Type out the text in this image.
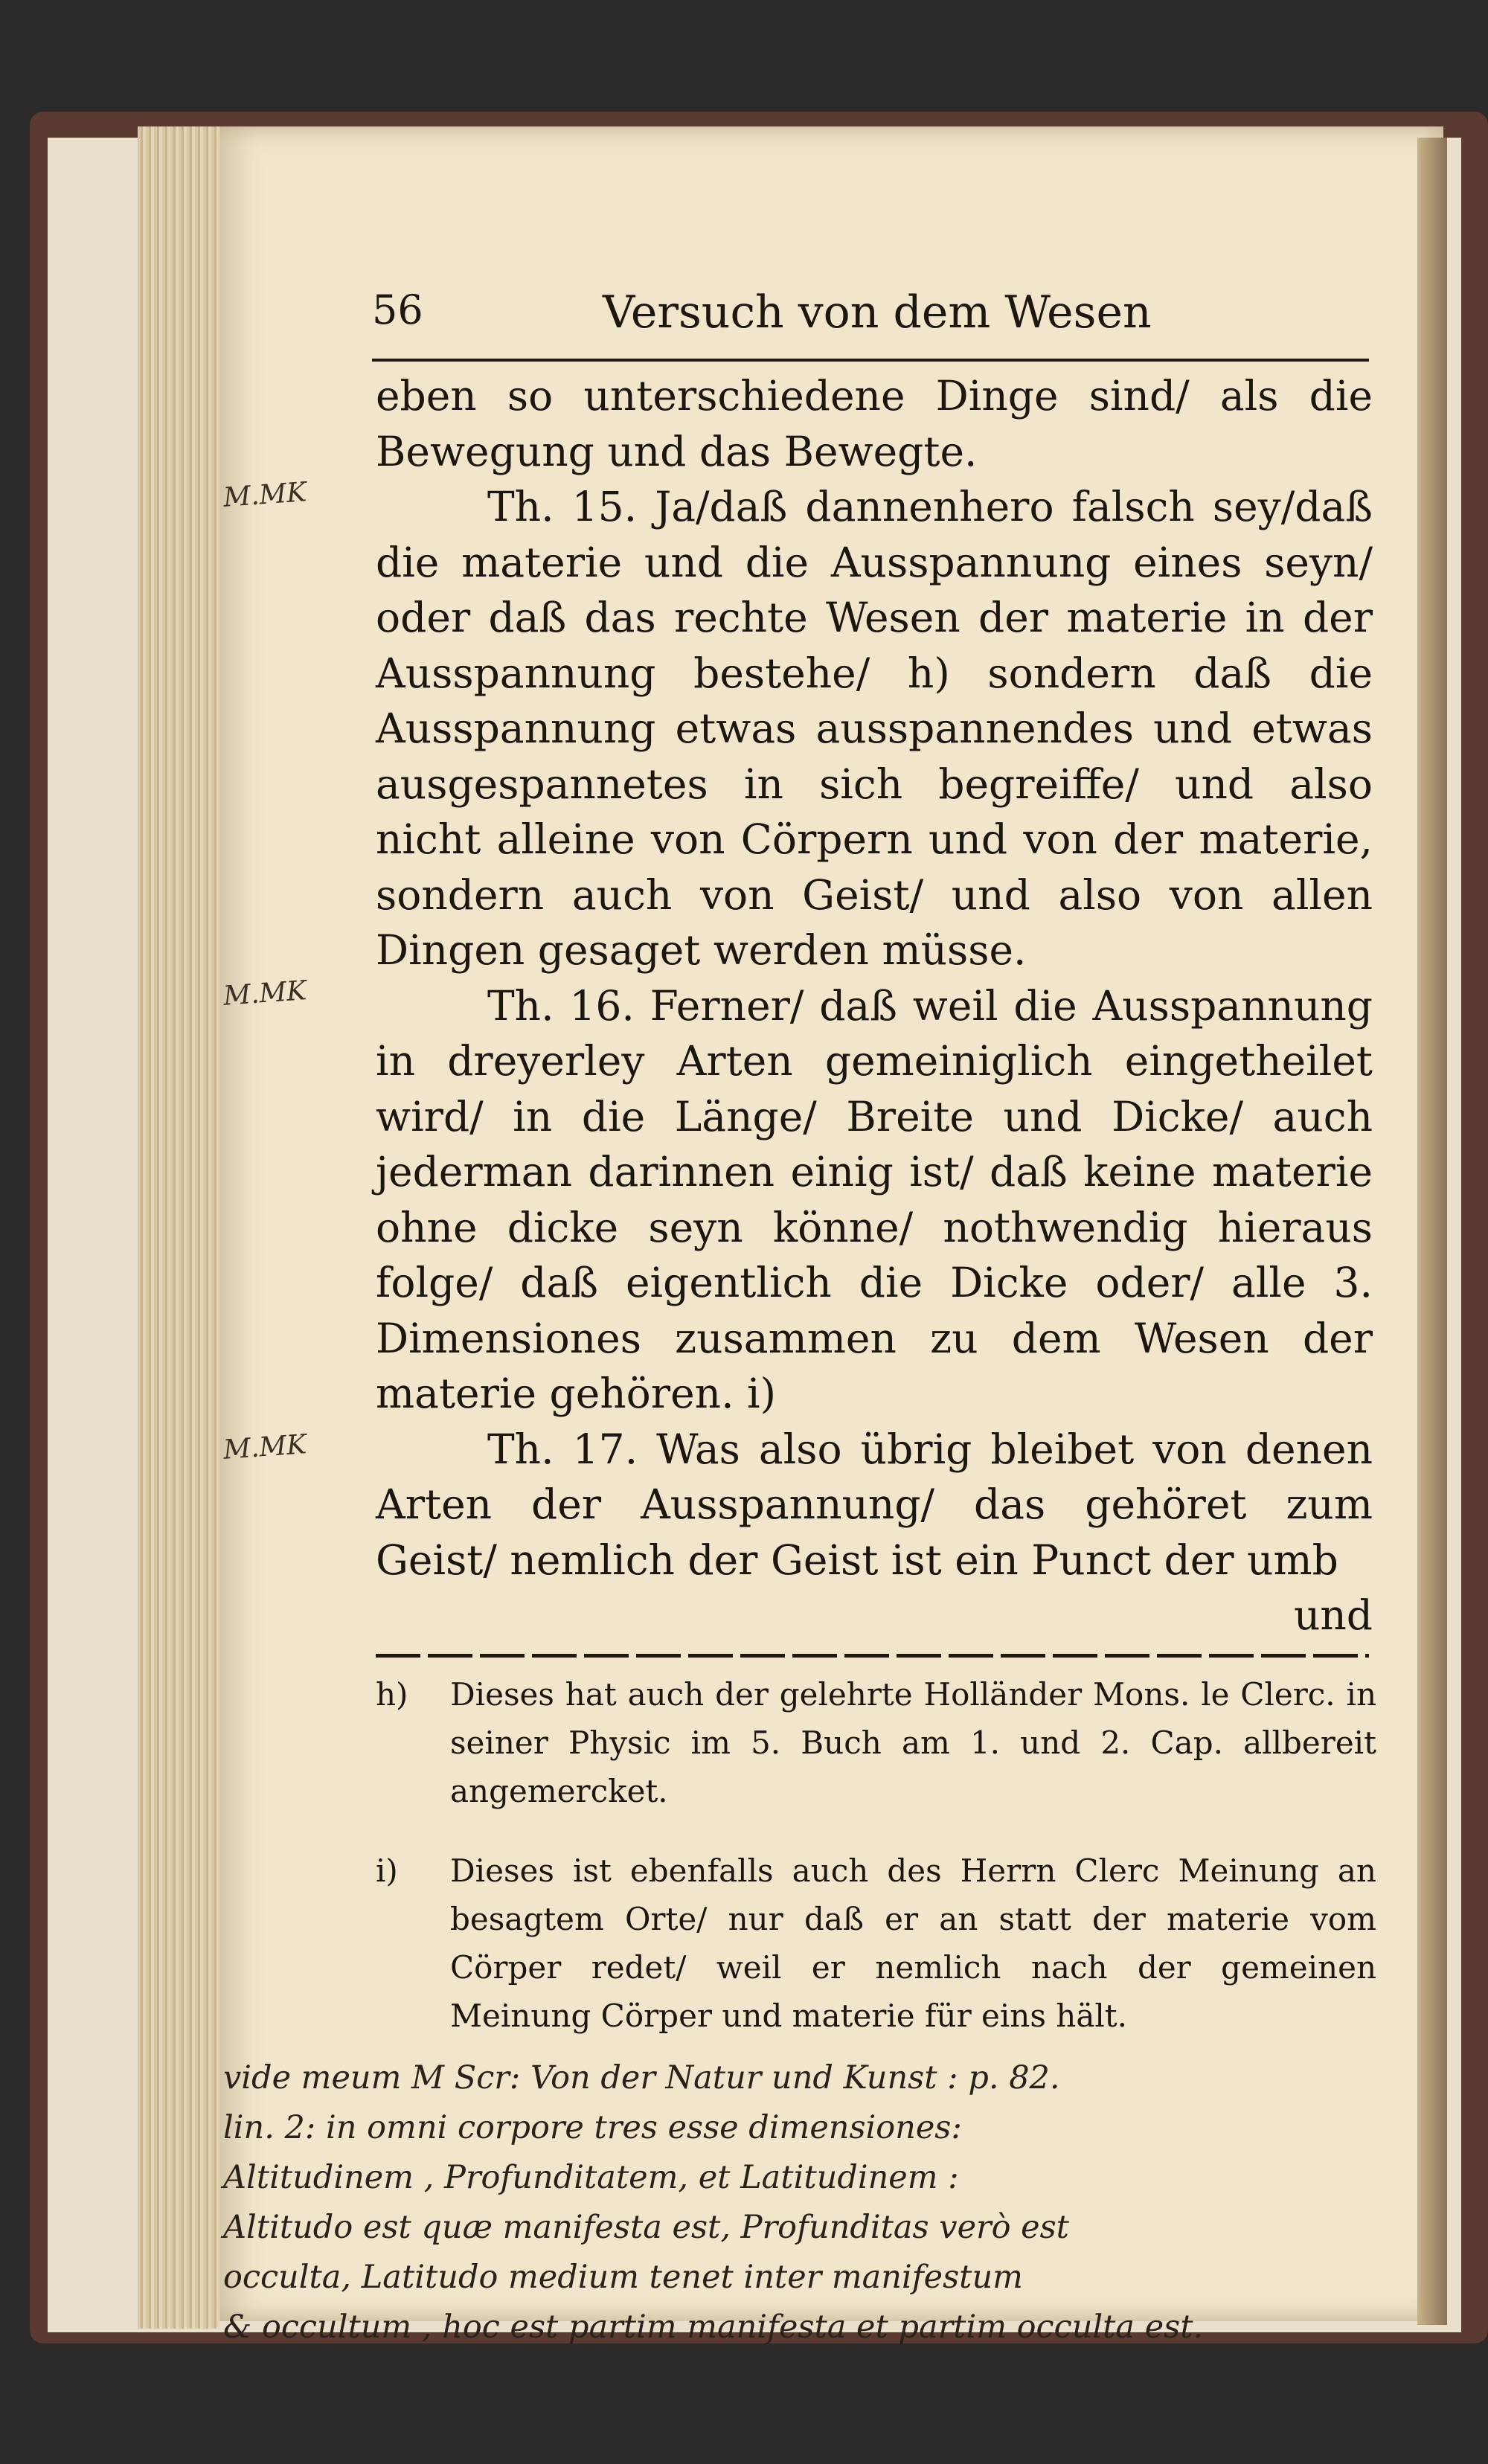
56	Versuch von dem Wesen

eben so unterschiedene Dinge sind/ als die Bewegung und das Bewegte.

Th. 15. Ja/daß dannenhero falsch sey/daß die materie und die Ausspannung eines seyn/ oder daß das rechte Wesen der materie in der Ausspannung bestehe/ h) sondern daß die Ausspannung etwas ausspannendes und etwas ausgespannetes in sich begreiffe/ und also nicht alleine von Cörpern und von der materie, sondern auch von Geist/ und also von allen Dingen gesaget werden müsse.

Th. 16. Ferner/ daß weil die Ausspannung in dreyerley Arten gemeiniglich eingetheilet wird/ in die Länge/ Breite und Dicke/ auch jederman darinnen einig ist/ daß keine materie ohne dicke seyn könne/ nothwendig hieraus folge/ daß eigentlich die Dicke oder/ alle 3. Dimensiones zusammen zu dem Wesen der materie gehören. i)

Th. 17. Was also übrig bleibet von denen Arten der Ausspannung/ das gehöret zum Geist/ nemlich der Geist ist ein Punct der umb

und

M.MK
M.MK
M.MK

h) Dieses hat auch der gelehrte Holländer Mons. le Clerc. in seiner Physic im 5. Buch am 1. und 2. Cap. allbereit angemercket.

i) Dieses ist ebenfalls auch des Herrn Clerc Meinung an besagtem Orte/ nur daß er an statt der materie vom Cörper redet/ weil er nemlich nach der gemeinen Meinung Cörper und materie für eins hält.

vide meum M Scr: Von der Natur und Kunst : p. 82.
lin. 2: in omni corpore tres esse dimensiones:
Altitudinem , Profunditatem, et Latitudinem :
Altitudo est quæ manifesta est, Profunditas verò est
occulta, Latitudo medium tenet inter manifestum
& occultum , hoc est partim manifesta et partim occulta est.
